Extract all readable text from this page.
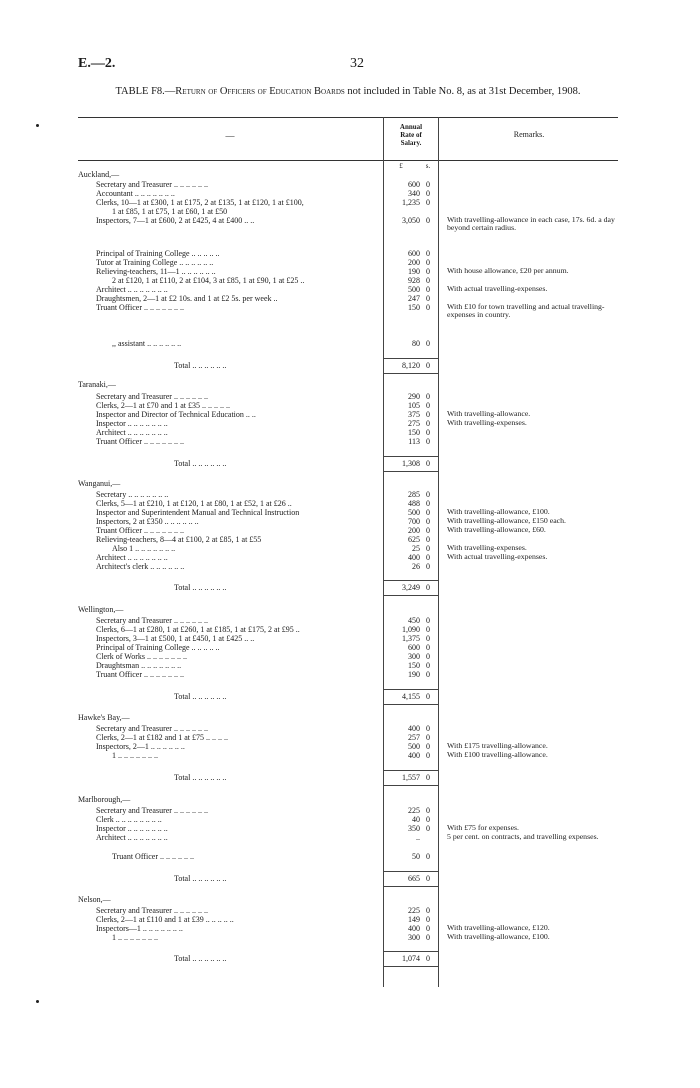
E.—2.	32
TABLE F8.—Return of Officers of Education Boards not included in Table No. 8, as at 31st December, 1908.
—
Annual
Rate of
Salary.
Remarks.
£	s.
Auckland,—
Secretary and Treasurer .. .. .. .. .. ..	600 0
Accountant .. .. .. .. .. .. ..	340 0
Clerks, 10—1 at £300, 1 at £175, 2 at £135, 1 at £120, 1 at £100,	1,235 0
1 at £85, 1 at £75, 1 at £60, 1 at £50
Inspectors, 7—1 at £600, 2 at £425, 4 at £400 .. ..	3,050 0	With travelling-allowance in each case, 17s. 6d. a day beyond certain radius.
Principal of Training College .. .. .. .. ..	600 0
Tutor at Training College .. .. .. .. .. ..	200 0
Relieving-teachers, 11—1 .. .. .. .. .. ..	190 0	With house allowance, £20 per annum.
2 at £120, 1 at £110, 2 at £104, 3 at £85, 1 at £90, 1 at £25 ..	928 0
Architect .. .. .. .. .. .. ..	500 0	With actual travelling-expenses.
Draughtsmen, 2—1 at £2 10s. and 1 at £2 5s. per week ..	247 0
Truant Officer .. .. .. .. .. .. ..	150 0	With £10 for town travelling and actual travelling-expenses in country.
,, assistant .. .. .. .. .. ..	80 0
Total .. .. .. .. .. ..	8,120 0
Taranaki,—
Secretary and Treasurer .. .. .. .. .. ..	290 0
Clerks, 2—1 at £70 and 1 at £35 .. .. .. .. ..	105 0
Inspector and Director of Technical Education .. ..	375 0	With travelling-allowance.
Inspector .. .. .. .. .. .. ..	275 0	With travelling-expenses.
Architect .. .. .. .. .. .. ..	150 0
Truant Officer .. .. .. .. .. .. ..	113 0
Total .. .. .. .. .. ..	1,308 0
Wanganui,—
Secretary .. .. .. .. .. .. ..	285 0
Clerks, 5—1 at £210, 1 at £120, 1 at £80, 1 at £52, 1 at £26 ..	488 0
Inspector and Superintendent Manual and Technical Instruction	500 0	With travelling-allowance, £100.
Inspectors, 2 at £350 .. .. .. .. .. ..	700 0	With travelling-allowance, £150 each.
Truant Officer .. .. .. .. .. .. ..	200 0	With travelling-allowance, £60.
Relieving-teachers, 8—4 at £100, 2 at £85, 1 at £55	625 0
Also 1 .. .. .. .. .. .. ..	25 0	With travelling-expenses.
Architect .. .. .. .. .. .. ..	400 0	With actual travelling-expenses.
Architect's clerk .. .. .. .. .. ..	26 0
Total .. .. .. .. .. ..	3,249 0
Wellington,—
Secretary and Treasurer .. .. .. .. .. ..	450 0
Clerks, 6—1 at £280, 1 at £260, 1 at £185, 1 at £175, 2 at £95 ..	1,090 0
Inspectors, 3—1 at £500, 1 at £450, 1 at £425 .. ..	1,375 0
Principal of Training College .. .. .. .. ..	600 0
Clerk of Works .. .. .. .. .. .. ..	300 0
Draughtsman .. .. .. .. .. .. ..	150 0
Truant Officer .. .. .. .. .. .. ..	190 0
Total .. .. .. .. .. ..	4,155 0
Hawke's Bay,—
Secretary and Treasurer .. .. .. .. .. ..	400 0
Clerks, 2—1 at £182 and 1 at £75 .. .. .. ..	257 0
Inspectors, 2—1 .. .. .. .. .. ..	500 0	With £175 travelling-allowance.
1 .. .. .. .. .. .. ..	400 0	With £100 travelling-allowance.
Total .. .. .. .. .. ..	1,557 0
Marlborough,—
Secretary and Treasurer .. .. .. .. .. ..	225 0
Clerk .. .. .. .. .. .. .. ..	40 0
Inspector .. .. .. .. .. .. ..	350 0	With £75 for expenses.
Architect .. .. .. .. .. .. ..	..	5 per cent. on contracts, and travelling expenses.
Truant Officer .. .. .. .. .. ..	50 0
Total .. .. .. .. .. ..	665 0
Nelson,—
Secretary and Treasurer .. .. .. .. .. ..	225 0
Clerks, 2—1 at £110 and 1 at £39 .. .. .. .. ..	149 0
Inspectors—1 .. .. .. .. .. .. ..	400 0	With travelling-allowance, £120.
1 .. .. .. .. .. .. ..	300 0	With travelling-allowance, £100.
Total .. .. .. .. .. ..	1,074 0
